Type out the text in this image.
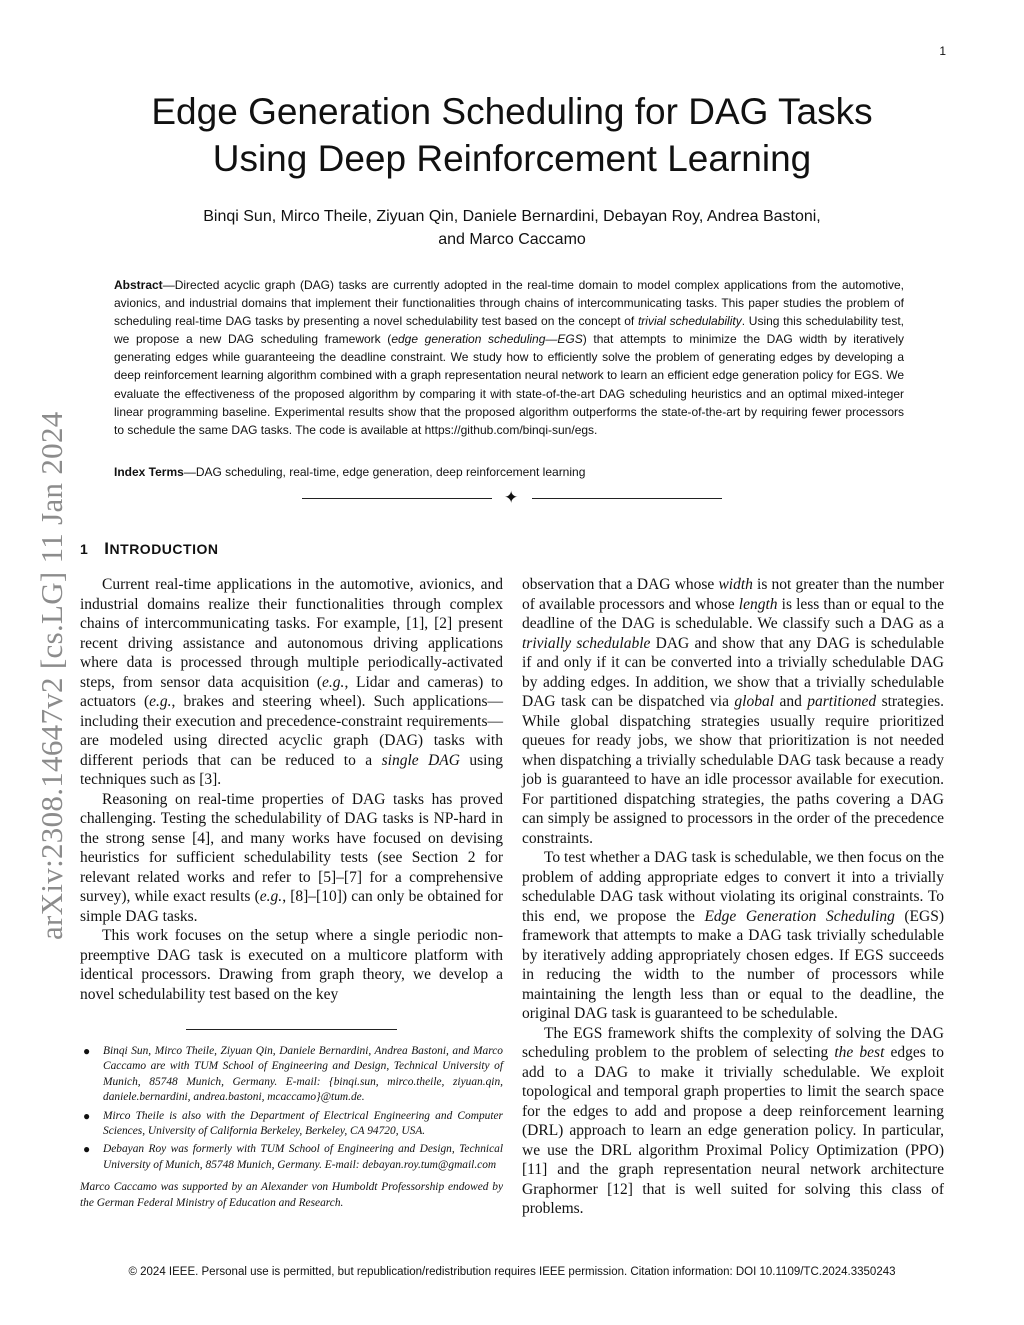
1
arXiv:2308.14647v2 [cs.LG] 11 Jan 2024
Edge Generation Scheduling for DAG Tasks
Using Deep Reinforcement Learning
Binqi Sun, Mirco Theile, Ziyuan Qin, Daniele Bernardini, Debayan Roy, Andrea Bastoni,
and Marco Caccamo
Abstract—Directed acyclic graph (DAG) tasks are currently adopted in the real-time domain to model complex applications from the automotive, avionics, and industrial domains that implement their functionalities through chains of intercommunicating tasks. This paper studies the problem of scheduling real-time DAG tasks by presenting a novel schedulability test based on the concept of trivial schedulability. Using this schedulability test, we propose a new DAG scheduling framework (edge generation scheduling—EGS) that attempts to minimize the DAG width by iteratively generating edges while guaranteeing the deadline constraint. We study how to efficiently solve the problem of generating edges by developing a deep reinforcement learning algorithm combined with a graph representation neural network to learn an efficient edge generation policy for EGS. We evaluate the effectiveness of the proposed algorithm by comparing it with state-of-the-art DAG scheduling heuristics and an optimal mixed-integer linear programming baseline. Experimental results show that the proposed algorithm outperforms the state-of-the-art by requiring fewer processors to schedule the same DAG tasks. The code is available at https://github.com/binqi-sun/egs.
Index Terms—DAG scheduling, real-time, edge generation, deep reinforcement learning
✦
1 INTRODUCTION

Current real-time applications in the automotive, avionics, and industrial domains realize their functionalities through complex chains of intercommunicating tasks. For example, [1], [2] present recent driving assistance and autonomous driving applications where data is processed through multiple periodically-activated steps, from sensor data acquisition (e.g., Lidar and cameras) to actuators (e.g., brakes and steering wheel). Such applications—including their execution and precedence-constraint requirements—are modeled using directed acyclic graph (DAG) tasks with different periods that can be reduced to a single DAG using techniques such as [3].

Reasoning on real-time properties of DAG tasks has proved challenging. Testing the schedulability of DAG tasks is NP-hard in the strong sense [4], and many works have focused on devising heuristics for sufficient schedulability tests (see Section 2 for relevant related works and refer to [5]–[7] for a comprehensive survey), while exact results (e.g., [8]–[10]) can only be obtained for simple DAG tasks.

This work focuses on the setup where a single periodic non-preemptive DAG task is executed on a multicore platform with identical processors. Drawing from graph theory, we develop a novel schedulability test based on the key

● Binqi Sun, Mirco Theile, Ziyuan Qin, Daniele Bernardini, Andrea Bastoni, and Marco Caccamo are with TUM School of Engineering and Design, Technical University of Munich, 85748 Munich, Germany. E-mail: {binqi.sun, mirco.theile, ziyuan.qin, daniele.bernardini, andrea.bastoni, mcaccamo}@tum.de.
● Mirco Theile is also with the Department of Electrical Engineering and Computer Sciences, University of California Berkeley, Berkeley, CA 94720, USA.
● Debayan Roy was formerly with TUM School of Engineering and Design, Technical University of Munich, 85748 Munich, Germany. E-mail: debayan.roy.tum@gmail.com
Marco Caccamo was supported by an Alexander von Humboldt Professorship endowed by the German Federal Ministry of Education and Research.

observation that a DAG whose width is not greater than the number of available processors and whose length is less than or equal to the deadline of the DAG is schedulable. We classify such a DAG as a trivially schedulable DAG and show that any DAG is schedulable if and only if it can be converted into a trivially schedulable DAG by adding edges. In addition, we show that a trivially schedulable DAG task can be dispatched via global and partitioned strategies. While global dispatching strategies usually require prioritized queues for ready jobs, we show that prioritization is not needed when dispatching a trivially schedulable DAG task because a ready job is guaranteed to have an idle processor available for execution. For partitioned dispatching strategies, the paths covering a DAG can simply be assigned to processors in the order of the precedence constraints.

To test whether a DAG task is schedulable, we then focus on the problem of adding appropriate edges to convert it into a trivially schedulable DAG task without violating its original constraints. To this end, we propose the Edge Generation Scheduling (EGS) framework that attempts to make a DAG task trivially schedulable by iteratively adding appropriately chosen edges. If EGS succeeds in reducing the width to the number of processors while maintaining the length less than or equal to the deadline, the original DAG task is guaranteed to be schedulable.

The EGS framework shifts the complexity of solving the DAG scheduling problem to the problem of selecting the best edges to add to a DAG to make it trivially schedulable. We exploit topological and temporal graph properties to limit the search space for the edges to add and propose a deep reinforcement learning (DRL) approach to learn an edge generation policy. In particular, we use the DRL algorithm Proximal Policy Optimization (PPO) [11] and the graph representation neural network architecture Graphormer [12] that is well suited for solving this class of problems.

© 2024 IEEE. Personal use is permitted, but republication/redistribution requires IEEE permission. Citation information: DOI 10.1109/TC.2024.3350243
